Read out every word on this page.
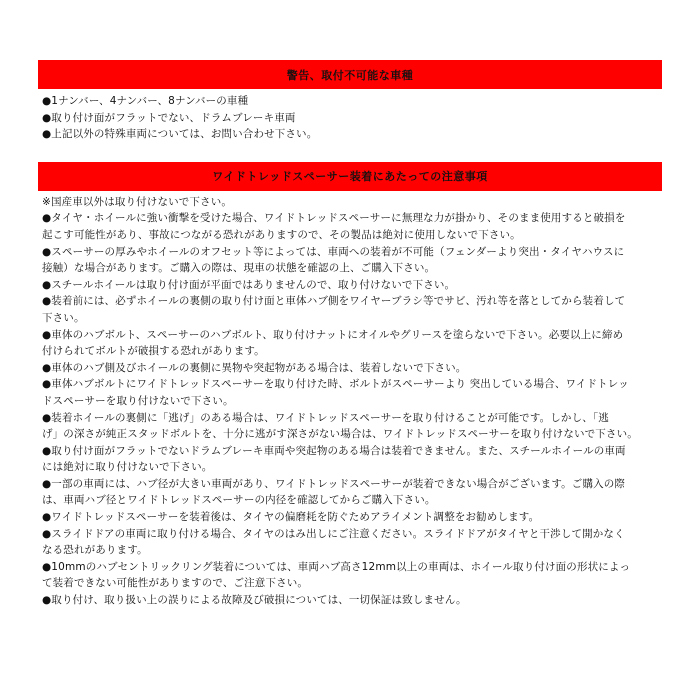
警告、取付不可能な車種
●1ナンバー、4ナンバー、8ナンバーの車種
●取り付け面がフラットでない、ドラムブレーキ車両
●上記以外の特殊車両については、お問い合わせ下さい。
ワイドトレッドスペーサー装着にあたっての注意事項
※国産車以外は取り付けないで下さい。
●タイヤ・ホイールに強い衝撃を受けた場合、ワイドトレッドスペーサーに無理な力が掛かり、そのまま使用すると破損を
起こす可能性があり、事故につながる恐れがありますので、その製品は絶対に使用しないで下さい。
●スペーサーの厚みやホイールのオフセット等によっては、車両への装着が不可能（フェンダーより突出・タイヤハウスに
接触）な場合があります。ご購入の際は、現車の状態を確認の上、ご購入下さい。
●スチールホイールは取り付け面が平面ではありませんので、取り付けないで下さい。
●装着前には、必ずホイールの裏側の取り付け面と車体ハブ側をワイヤーブラシ等でサビ、汚れ等を落としてから装着して
下さい。
●車体のハブボルト、スペーサーのハブボルト、取り付けナットにオイルやグリースを塗らないで下さい。必要以上に締め
付けられてボルトが破損する恐れがあります。
●車体のハブ側及びホイールの裏側に異物や突起物がある場合は、装着しないで下さい。
●車体ハブボルトにワイドトレッドスペーサーを取り付けた時、ボルトがスペーサーより 突出している場合、ワイドトレッ
ドスペーサーを取り付けないで下さい。
●装着ホイールの裏側に「逃げ」のある場合は、ワイドトレッドスペーサーを取り付けることが可能です。しかし、「逃
げ」の深さが純正スタッドボルトを、十分に逃がす深さがない場合は、ワイドトレッドスペーサーを取り付けないで下さい。
●取り付け面がフラットでないドラムブレーキ車両や突起物のある場合は装着できません。また、スチールホイールの車両
には絶対に取り付けないで下さい。
●一部の車両には、ハブ径が大きい車両があり、ワイドトレッドスペーサーが装着できない場合がございます。ご購入の際
は、車両ハブ径とワイドトレッドスペーサーの内径を確認してからご購入下さい。
●ワイドトレッドスペーサーを装着後は、タイヤの偏磨耗を防ぐためアライメント調整をお勧めします。
●スライドドアの車両に取り付ける場合、タイヤのはみ出しにご注意ください。スライドドアがタイヤと干渉して開かなく
なる恐れがあります。
●10mmのハブセントリックリング装着については、車両ハブ高さ12mm以上の車両は、ホイール取り付け面の形状によっ
て装着できない可能性がありますので、ご注意下さい。
●取り付け、取り扱い上の誤りによる故障及び破損については、一切保証は致しません。
